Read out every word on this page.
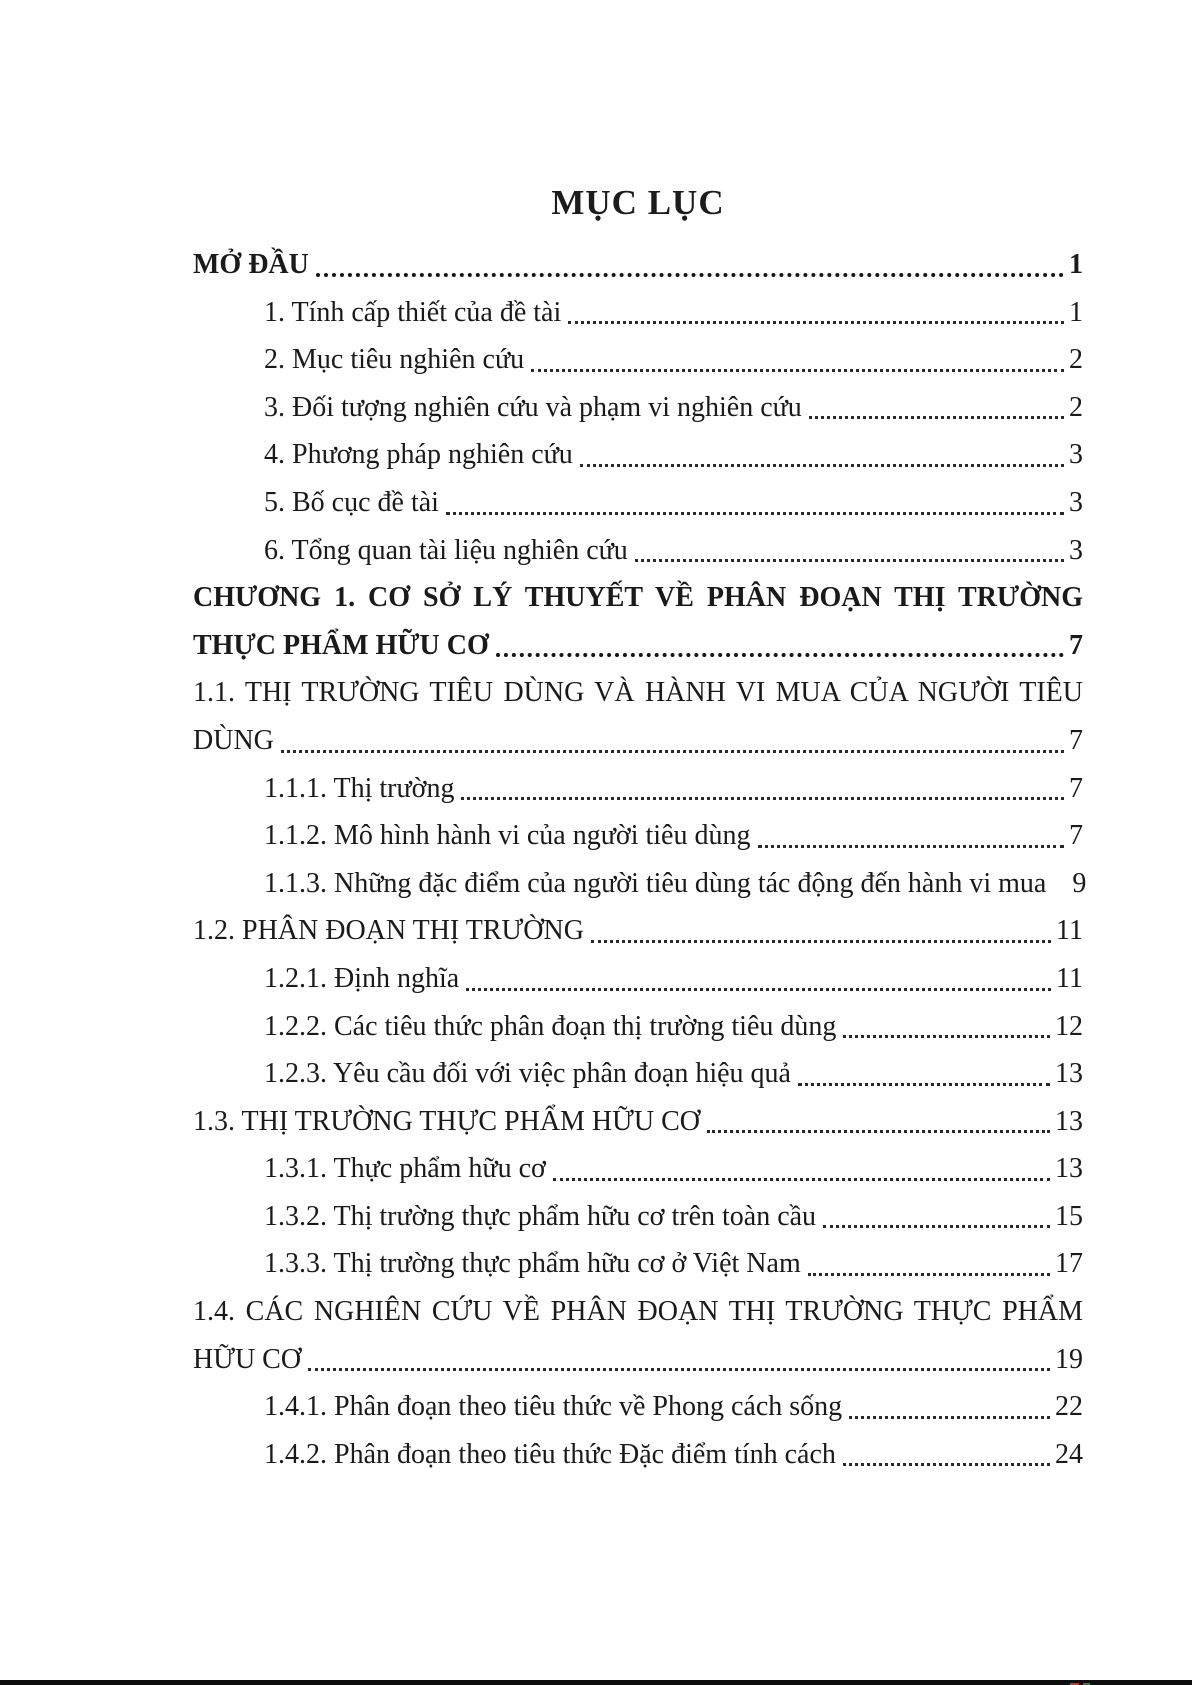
MỤC LỤC
MỞ ĐẦU	1
1. Tính cấp thiết của đề tài	1
2. Mục tiêu nghiên cứu	2
3. Đối tượng nghiên cứu và phạm vi nghiên cứu	2
4. Phương pháp nghiên cứu	3
5. Bố cục đề tài	3
6. Tổng quan tài liệu nghiên cứu	3
CHƯƠNG 1. CƠ SỞ LÝ THUYẾT VỀ PHÂN ĐOẠN THỊ TRƯỜNG
THỰC PHẨM HỮU CƠ	7
1.1. THỊ TRƯỜNG TIÊU DÙNG VÀ HÀNH VI MUA CỦA NGƯỜI TIÊU
DÙNG	7
1.1.1. Thị trường	7
1.1.2. Mô hình hành vi của người tiêu dùng	7
1.1.3. Những đặc điểm của người tiêu dùng tác động đến hành vi mua 9
1.2. PHÂN ĐOẠN THỊ TRƯỜNG	11
1.2.1. Định nghĩa	11
1.2.2. Các tiêu thức phân đoạn thị trường tiêu dùng	12
1.2.3. Yêu cầu đối với việc phân đoạn hiệu quả	13
1.3. THỊ TRƯỜNG THỰC PHẨM HỮU CƠ	13
1.3.1. Thực phẩm hữu cơ	13
1.3.2. Thị trường thực phẩm hữu cơ trên toàn cầu	15
1.3.3. Thị trường thực phẩm hữu cơ ở Việt Nam	17
1.4. CÁC NGHIÊN CỨU VỀ PHÂN ĐOẠN THỊ TRƯỜNG THỰC PHẨM
HỮU CƠ	19
1.4.1. Phân đoạn theo tiêu thức về Phong cách sống	22
1.4.2. Phân đoạn theo tiêu thức Đặc điểm tính cách	24
